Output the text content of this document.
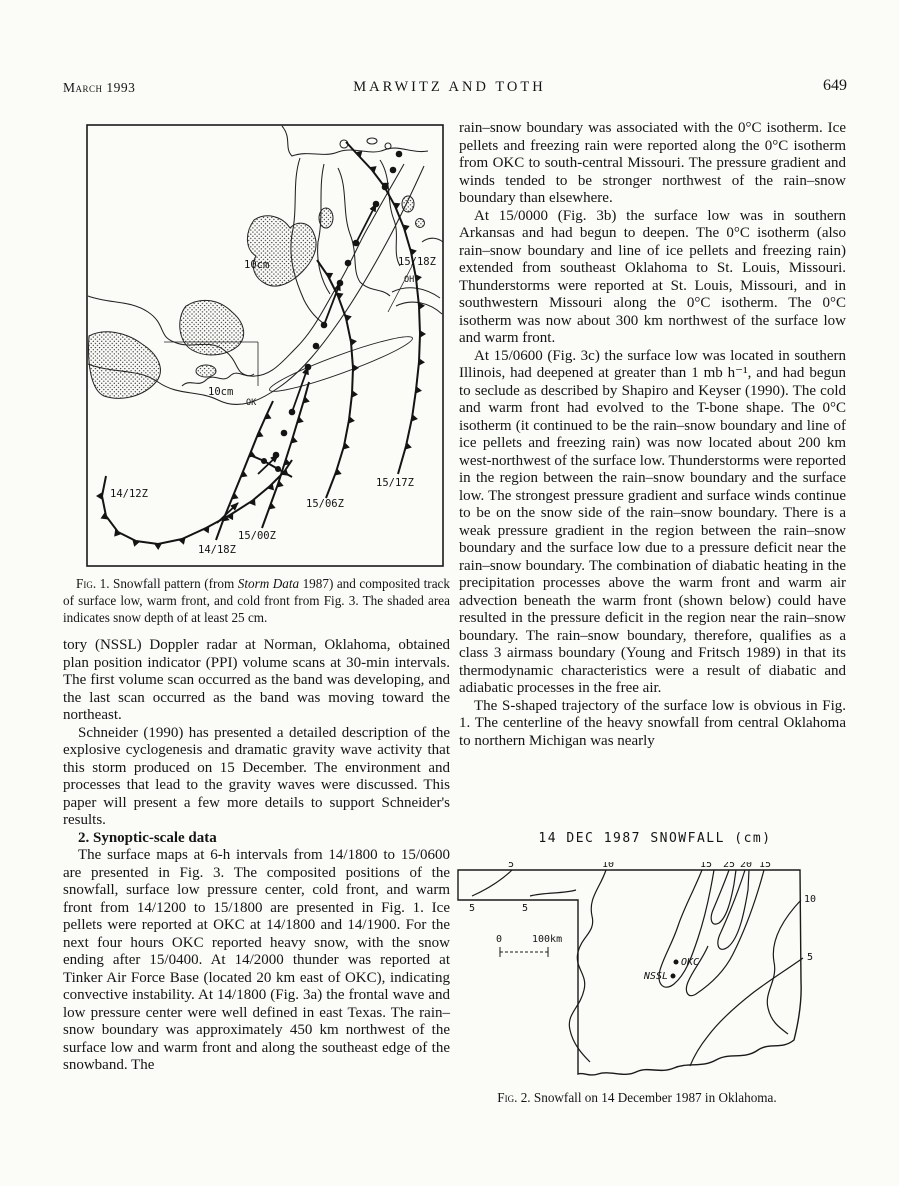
March 1993	MARWITZ AND TOTH	649
10cm
10cm
OK
OH
14/12Z
14/18Z
15/00Z
15/06Z
15/17Z
15/18Z
Fig. 1. Snowfall pattern (from Storm Data 1987) and composited track of surface low, warm front, and cold front from Fig. 3. The shaded area indicates snow depth of at least 25 cm.

tory (NSSL) Doppler radar at Norman, Oklahoma, obtained plan position indicator (PPI) volume scans at 30-min intervals. The first volume scan occurred as the band was developing, and the last scan occurred as the band was moving toward the northeast.

Schneider (1990) has presented a detailed description of the explosive cyclogenesis and dramatic gravity wave activity that this storm produced on 15 December. The environment and processes that lead to the gravity waves were discussed. This paper will present a few more details to support Schneider's results.

2. Synoptic-scale data

The surface maps at 6-h intervals from 14/1800 to 15/0600 are presented in Fig. 3. The composited positions of the snowfall, surface low pressure center, cold front, and warm front from 14/1200 to 15/1800 are presented in Fig. 1. Ice pellets were reported at OKC at 14/1800 and 14/1900. For the next four hours OKC reported heavy snow, with the snow ending after 15/0400. At 14/2000 thunder was reported at Tinker Air Force Base (located 20 km east of OKC), indicating convective instability. At 14/1800 (Fig. 3a) the frontal wave and low pressure center were well defined in east Texas. The rain–snow boundary was approximately 450 km northwest of the surface low and warm front and along the southeast edge of the snowband. The

rain–snow boundary was associated with the 0°C isotherm. Ice pellets and freezing rain were reported along the 0°C isotherm from OKC to south-central Missouri. The pressure gradient and winds tended to be stronger northwest of the rain–snow boundary than elsewhere.

At 15/0000 (Fig. 3b) the surface low was in southern Arkansas and had begun to deepen. The 0°C isotherm (also rain–snow boundary and line of ice pellets and freezing rain) extended from southeast Oklahoma to St. Louis, Missouri. Thunderstorms were reported at St. Louis, Missouri, and in southwestern Missouri along the 0°C isotherm. The 0°C isotherm was now about 300 km northwest of the surface low and warm front.

At 15/0600 (Fig. 3c) the surface low was located in southern Illinois, had deepened at greater than 1 mb h⁻¹, and had begun to seclude as described by Shapiro and Keyser (1990). The cold and warm front had evolved to the T-bone shape. The 0°C isotherm (it continued to be the rain–snow boundary and line of ice pellets and freezing rain) was now located about 200 km west-northwest of the surface low. Thunderstorms were reported in the region between the rain–snow boundary and the surface low. The strongest pressure gradient and surface winds continue to be on the snow side of the rain–snow boundary. There is a weak pressure gradient in the region between the rain–snow boundary and the surface low due to a pressure deficit near the rain–snow boundary. The combination of diabatic heating in the precipitation processes above the warm front and warm air advection beneath the warm front (shown below) could have resulted in the pressure deficit in the region near the rain–snow boundary. The rain–snow boundary, therefore, qualifies as a class 3 airmass boundary (Young and Fritsch 1989) in that its thermodynamic characteristics were a result of diabatic and adiabatic processes in the free air.

The S-shaped trajectory of the surface low is obvious in Fig. 1. The centerline of the heavy snowfall from central Oklahoma to northern Michigan was nearly

14 DEC 1987 SNOWFALL (cm)
5	10	15 25 20 15
5	5
10
5
0	100km
OKC
NSSL
Fig. 2. Snowfall on 14 December 1987 in Oklahoma.
